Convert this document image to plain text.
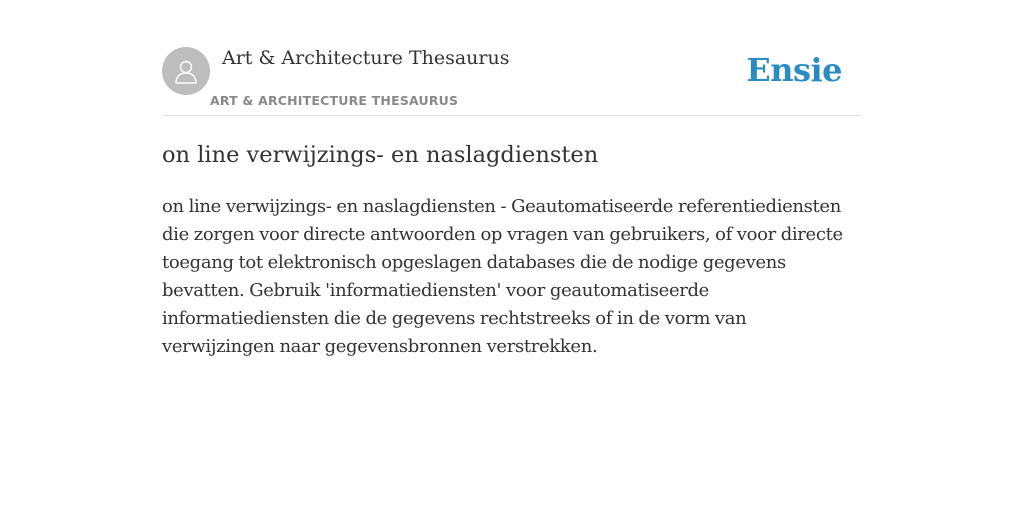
Art & Architecture Thesaurus
ART & ARCHITECTURE THESAURUS
Ensie
on line verwijzings- en naslagdiensten

on line verwijzings- en naslagdiensten - Geautomatiseerde referentiediensten die zorgen voor directe antwoorden op vragen van gebruikers, of voor directe toegang tot elektronisch opgeslagen databases die de nodige gegevens bevatten. Gebruik 'informatiediensten' voor geautomatiseerde informatiediensten die de gegevens rechtstreeks of in de vorm van verwijzingen naar gegevensbronnen verstrekken.
